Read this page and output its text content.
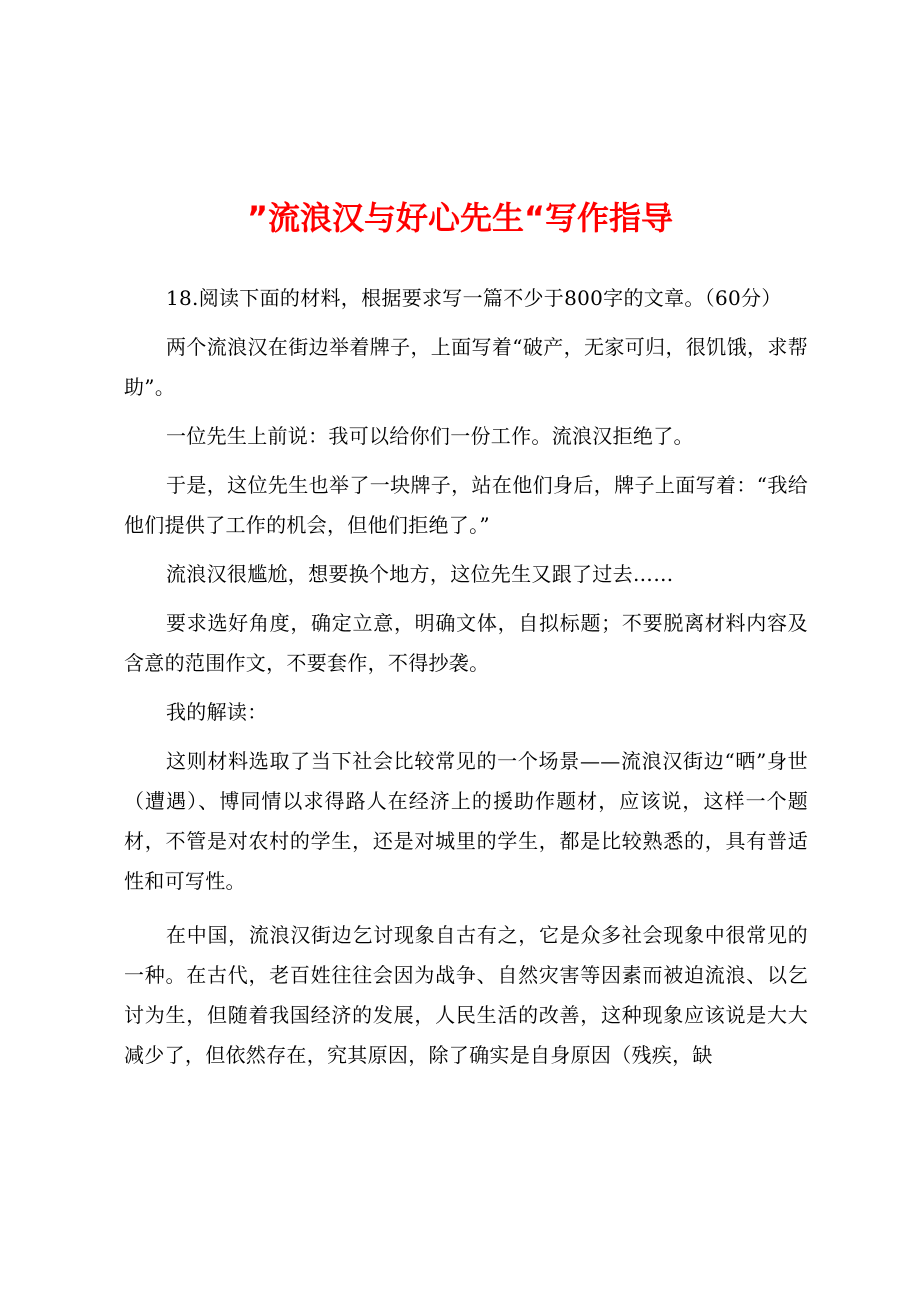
”流浪汉与好心先生“写作指导

18.阅读下面的材料，根据要求写一篇不少于800字的文章。（60分）

两个流浪汉在街边举着牌子，上面写着“破产，无家可归，很饥饿，求帮助”。

一位先生上前说：我可以给你们一份工作。流浪汉拒绝了。

于是，这位先生也举了一块牌子，站在他们身后，牌子上面写着：“我给他们提供了工作的机会，但他们拒绝了。”

流浪汉很尴尬，想要换个地方，这位先生又跟了过去……

要求选好角度，确定立意，明确文体，自拟标题；不要脱离材料内容及含意的范围作文，不要套作，不得抄袭。

我的解读：

这则材料选取了当下社会比较常见的一个场景——流浪汉街边“晒”身世（遭遇）、博同情以求得路人在经济上的援助作题材，应该说，这样一个题材，不管是对农村的学生，还是对城里的学生，都是比较熟悉的，具有普适性和可写性。

在中国，流浪汉街边乞讨现象自古有之，它是众多社会现象中很常见的一种。在古代，老百姓往往会因为战争、自然灾害等因素而被迫流浪、以乞讨为生，但随着我国经济的发展，人民生活的改善，这种现象应该说是大大减少了，但依然存在，究其原因，除了确实是自身原因（残疾，缺
